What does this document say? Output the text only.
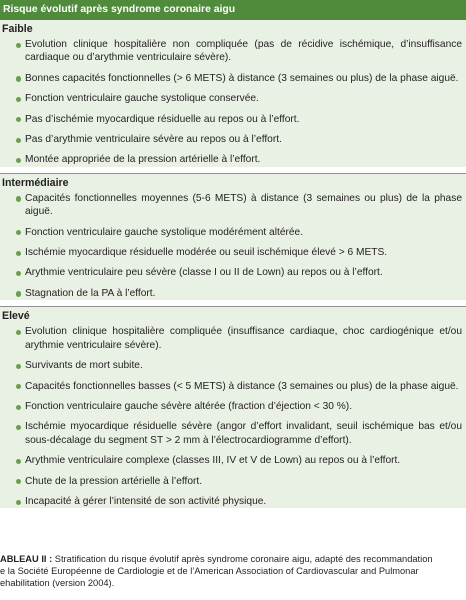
Risque évolutif après syndrome coronaire aigu
Faible
Evolution clinique hospitalière non compliquée (pas de récidive ischémique, d’insuffisance cardiaque ou d’arythmie ventriculaire sévère).
Bonnes capacités fonctionnelles (> 6 METS) à distance (3 semaines ou plus) de la phase aiguë.
Fonction ventriculaire gauche systolique conservée.
Pas d’ischémie myocardique résiduelle au repos ou à l’effort.
Pas d’arythmie ventriculaire sévère au repos ou à l’effort.
Montée appropriée de la pression artérielle à l’effort.
Intermédiaire
Capacités fonctionnelles moyennes (5-6 METS) à distance (3 semaines ou plus) de la phase aiguë.
Fonction ventriculaire gauche systolique modérément altérée.
Ischémie myocardique résiduelle modérée ou seuil ischémique élevé > 6 METS.
Arythmie ventriculaire peu sévère (classe I ou II de Lown) au repos ou à l’effort.
Stagnation de la PA à l’effort.
Elevé
Evolution clinique hospitalière compliquée (insuffisance cardiaque, choc cardiogénique et/ou arythmie ventriculaire sévère).
Survivants de mort subite.
Capacités fonctionnelles basses (< 5 METS) à distance (3 semaines ou plus) de la phase aiguë.
Fonction ventriculaire gauche sévère altérée (fraction d’éjection < 30 %).
Ischémie myocardique résiduelle sévère (angor d’effort invalidant, seuil ischémique bas et/ou sous-décalage du segment ST > 2 mm à l’électrocardiogramme d’effort).
Arythmie ventriculaire complexe (classes III, IV et V de Lown) au repos ou à l’effort.
Chute de la pression artérielle à l’effort.
Incapacité à gérer l’intensité de son activité physique.
ABLEAU II : Stratification du risque évolutif après syndrome coronaire aigu, adapté des recommandation
e la Société Européenne de Cardiologie et de l’American Association of Cardiovascular and Pulmonar
ehabilitation (version 2004).
